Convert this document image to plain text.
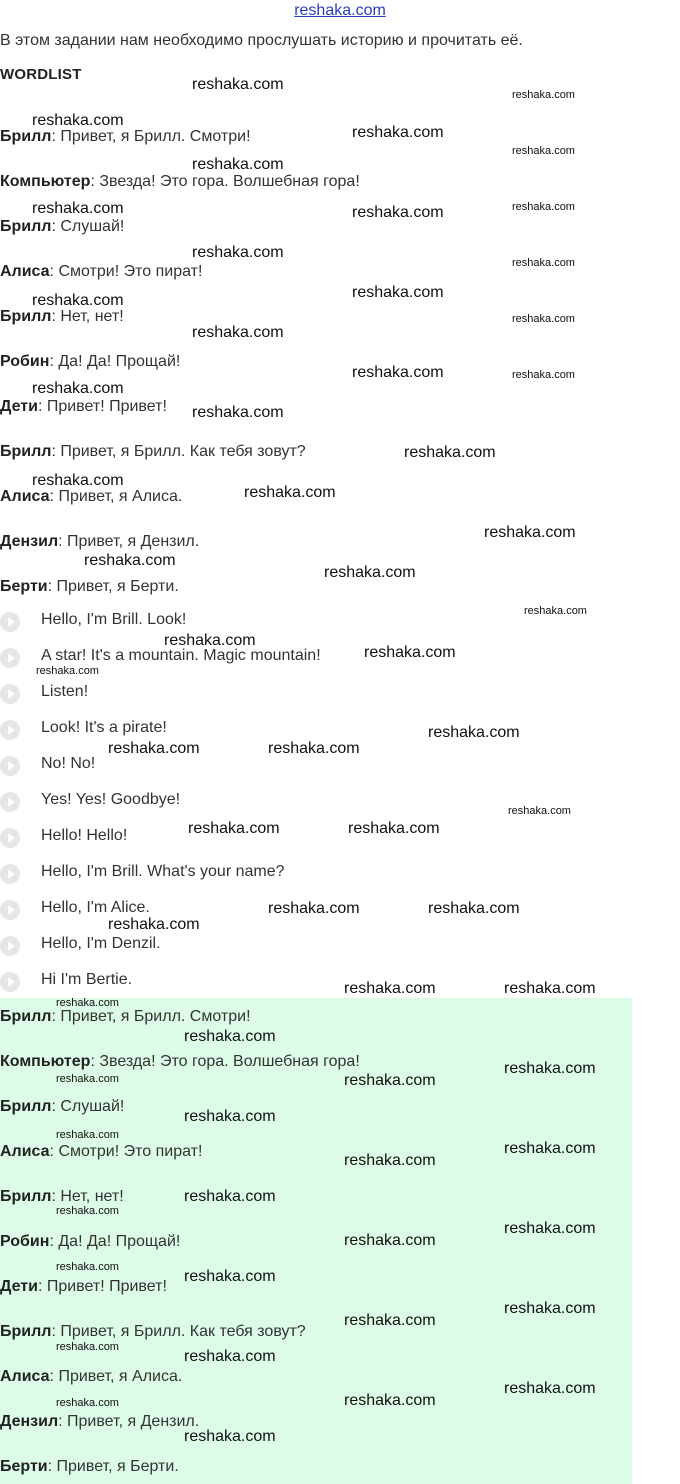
reshaka.com
В этом задании нам необходимо прослушать историю и прочитать её.
WORDLIST
Брилл: Привет, я Брилл. Смотри!
Компьютер: Звезда! Это гора. Волшебная гора!
Брилл: Слушай!
Алиса: Смотри! Это пират!
Брилл: Нет, нет!
Робин: Да! Да! Прощай!
Дети: Привет! Привет!
Брилл: Привет, я Брилл. Как тебя зовут?
Алиса: Привет, я Алиса.
Дензил: Привет, я Дензил.
Берти: Привет, я Берти.
Hello, I'm Brill. Look!
A star! It's a mountain. Magic mountain!
Listen!
Look! It's a pirate!
No! No!
Yes! Yes! Goodbye!
Hello! Hello!
Hello, I'm Brill. What's your name?
Hello, I'm Alice.
Hello, I'm Denzil.
Hi I'm Bertie.
Брилл: Привет, я Брилл. Смотри!
Компьютер: Звезда! Это гора. Волшебная гора!
Брилл: Слушай!
Алиса: Смотри! Это пират!
Брилл: Нет, нет!
Робин: Да! Да! Прощай!
Дети: Привет! Привет!
Брилл: Привет, я Брилл. Как тебя зовут?
Алиса: Привет, я Алиса.
Дензил: Привет, я Дензил.
Берти: Привет, я Берти.
reshaka.com
reshaka.com
reshaka.com
reshaka.com
reshaka.com
reshaka.com
reshaka.com	reshaka.com
reshaka.com
reshaka.com
reshaka.com
reshaka.com
reshaka.com
reshaka.com
reshaka.com
reshaka.com	reshaka.com
reshaka.com
reshaka.com
reshaka.com
reshaka.com
reshaka.com
reshaka.com
reshaka.com
reshaka.com
reshaka.com
reshaka.com
reshaka.com
reshaka.com
reshaka.com
reshaka.com	reshaka.com
reshaka.com
reshaka.com	reshaka.com
reshaka.com	reshaka.com
reshaka.com
reshaka.com	reshaka.com
reshaka.com
reshaka.com
reshaka.com
reshaka.com	reshaka.com
reshaka.com
reshaka.com
reshaka.com
reshaka.com
reshaka.com
reshaka.com
reshaka.com
reshaka.com
reshaka.com
reshaka.com
reshaka.com
reshaka.com
reshaka.com
reshaka.com
reshaka.com
reshaka.com	reshaka.com
reshaka.com
